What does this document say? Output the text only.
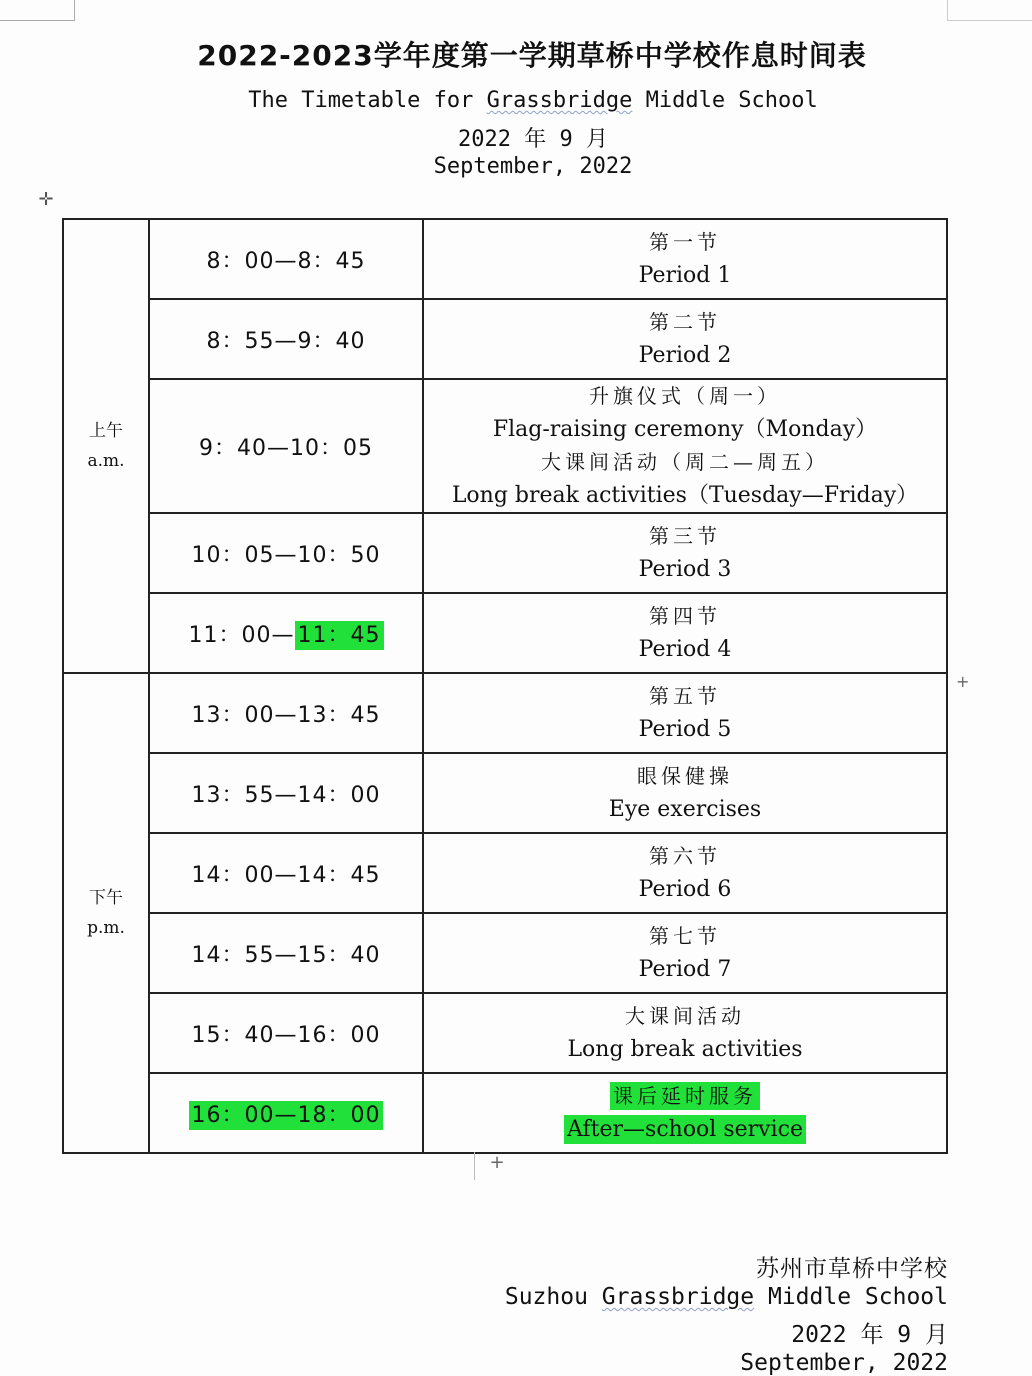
2022-2023学年度第一学期草桥中学校作息时间表
The Timetable for Grassbridge Middle School
2022 年 9 月
September, 2022
✛
上午
a.m.
	8：00—8：45	
第一节
Period 1

	8：55—9：40	第二节
Period 2

	9：40—10：05	升旗仪式（周一）
Flag-raising ceremony（Monday）
大课间活动（周二—周五）
Long break activities（Tuesday—Friday）

	10：05—10：50	第三节
Period 3

	11：00— 11：45	第四节
Period 4

下午
p.m.
	13：00—13：45	
第五节
Period 5

	13：55—14：00	眼保健操
Eye exercises

	14：00—14：45	第六节
Period 6

	14：55—15：40	第七节
Period 7

	15：40—16：00	大课间活动
Long break activities

	16：00—18：00	课后延时服务
After—school service
+
+
苏州市草桥中学校
Suzhou Grassbridge Middle School
2022 年 9 月
September, 2022
